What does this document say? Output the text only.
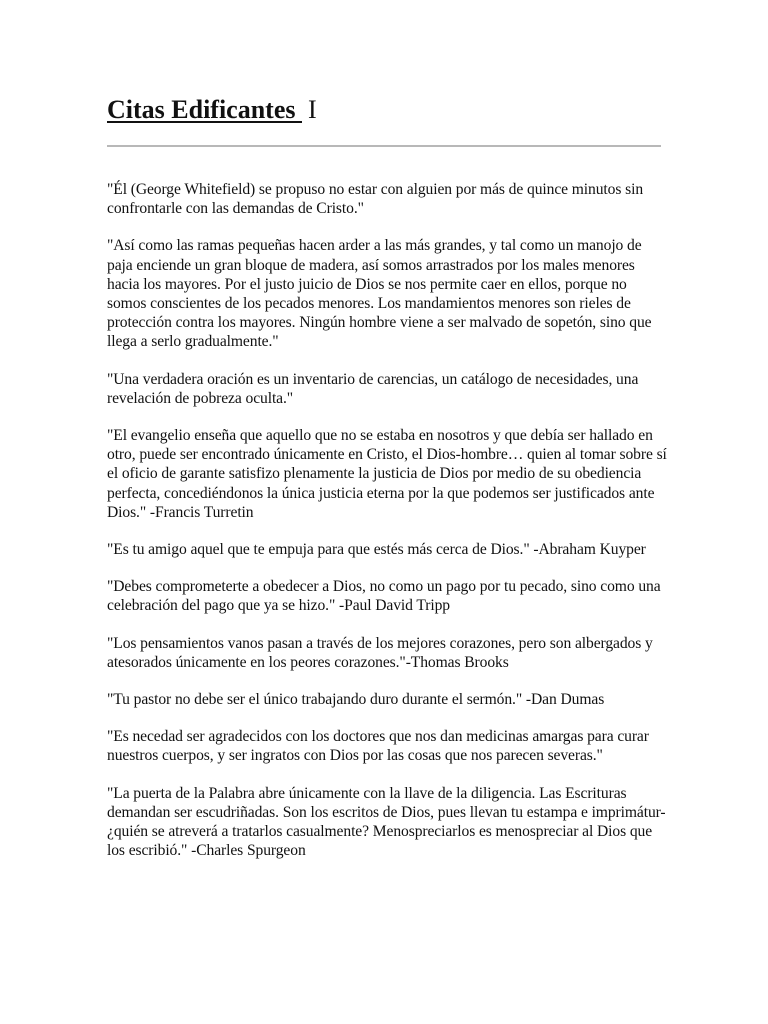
Citas Edificantes I

"Él (George Whitefield) se propuso no estar con alguien por más de quince minutos sin confrontarle con las demandas de Cristo."

"Así como las ramas pequeñas hacen arder a las más grandes, y tal como un manojo de paja enciende un gran bloque de madera, así somos arrastrados por los males menores hacia los mayores. Por el justo juicio de Dios se nos permite caer en ellos, porque no somos conscientes de los pecados menores. Los mandamientos menores son rieles de protección contra los mayores. Ningún hombre viene a ser malvado de sopetón, sino que llega a serlo gradualmente."

"Una verdadera oración es un inventario de carencias, un catálogo de necesidades, una revelación de pobreza oculta."

"El evangelio enseña que aquello que no se estaba en nosotros y que debía ser hallado en otro, puede ser encontrado únicamente en Cristo, el Dios-hombre… quien al tomar sobre sí el oficio de garante satisfizo plenamente la justicia de Dios por medio de su obediencia perfecta, concediéndonos la única justicia eterna por la que podemos ser justificados ante Dios." -Francis Turretin

"Es tu amigo aquel que te empuja para que estés más cerca de Dios." -Abraham Kuyper

"Debes comprometerte a obedecer a Dios, no como un pago por tu pecado, sino como una celebración del pago que ya se hizo." -Paul David Tripp

"Los pensamientos vanos pasan a través de los mejores corazones, pero son albergados y atesorados únicamente en los peores corazones."-Thomas Brooks

"Tu pastor no debe ser el único trabajando duro durante el sermón." -Dan Dumas

"Es necedad ser agradecidos con los doctores que nos dan medicinas amargas para curar nuestros cuerpos, y ser ingratos con Dios por las cosas que nos parecen severas."

"La puerta de la Palabra abre únicamente con la llave de la diligencia. Las Escrituras demandan ser escudriñadas. Son los escritos de Dios, pues llevan tu estampa e imprimátur-¿quién se atreverá a tratarlos casualmente? Menospreciarlos es menospreciar al Dios que los escribió." -Charles Spurgeon
